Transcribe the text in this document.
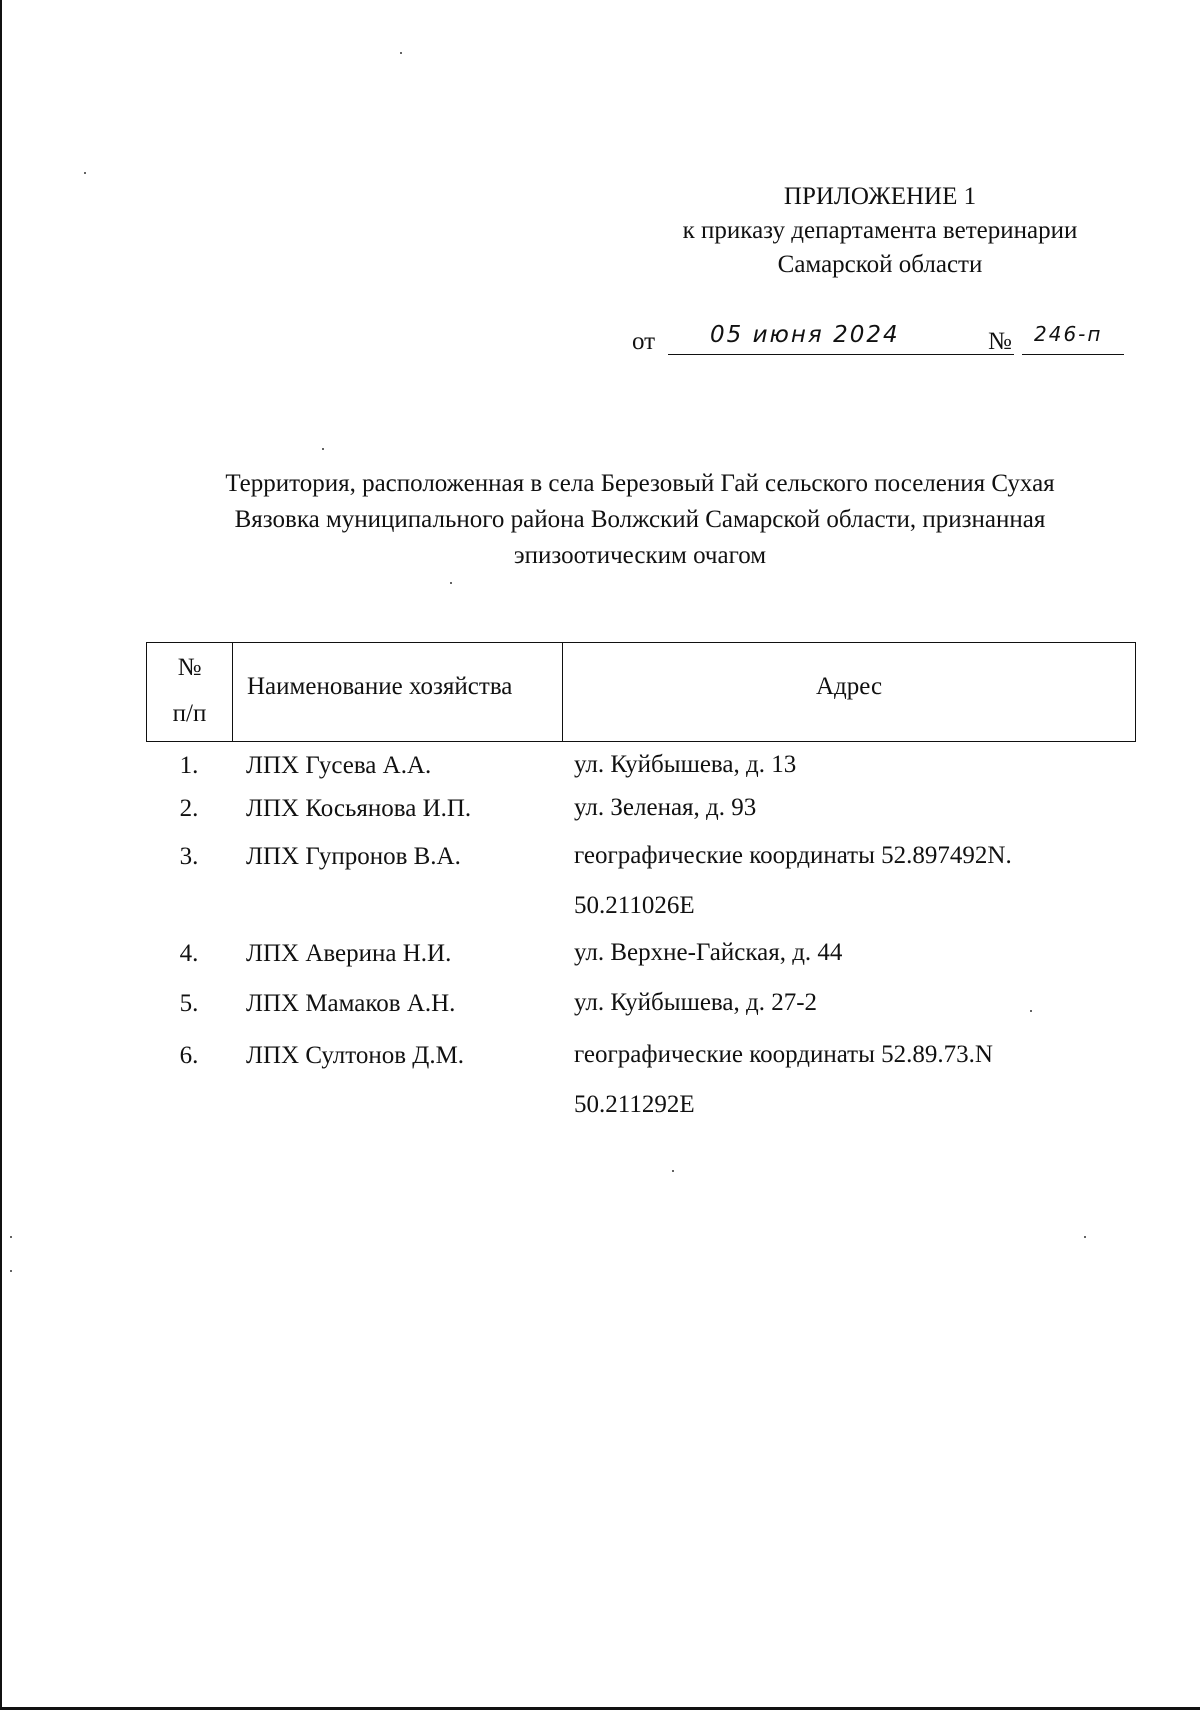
ПРИЛОЖЕНИЕ 1
к приказу департамента ветеринарии
Самарской области
от 05 июня 2024	№ 246-п
Территория, расположенная в села Березовый Гай сельского поселения Сухая
Вязовка муниципального района Волжский Самарской области, признанная
эпизоотическим очагом
№
п/п
Наименование хозяйства	Адрес
1.	ЛПХ Гусева А.А.	ул. Куйбышева, д. 13
2.	ЛПХ Косьянова И.П.	ул. Зеленая, д. 93
3.	ЛПХ Гупронов В.А.	географические координаты 52.897492N.
50.211026E
4.	ЛПХ Аверина Н.И.	ул. Верхне-Гайская, д. 44
5.	ЛПХ Мамаков А.Н.	ул. Куйбышева, д. 27-2
6.	ЛПХ Султонов Д.М.	географические координаты 52.89.73.N
50.211292E
